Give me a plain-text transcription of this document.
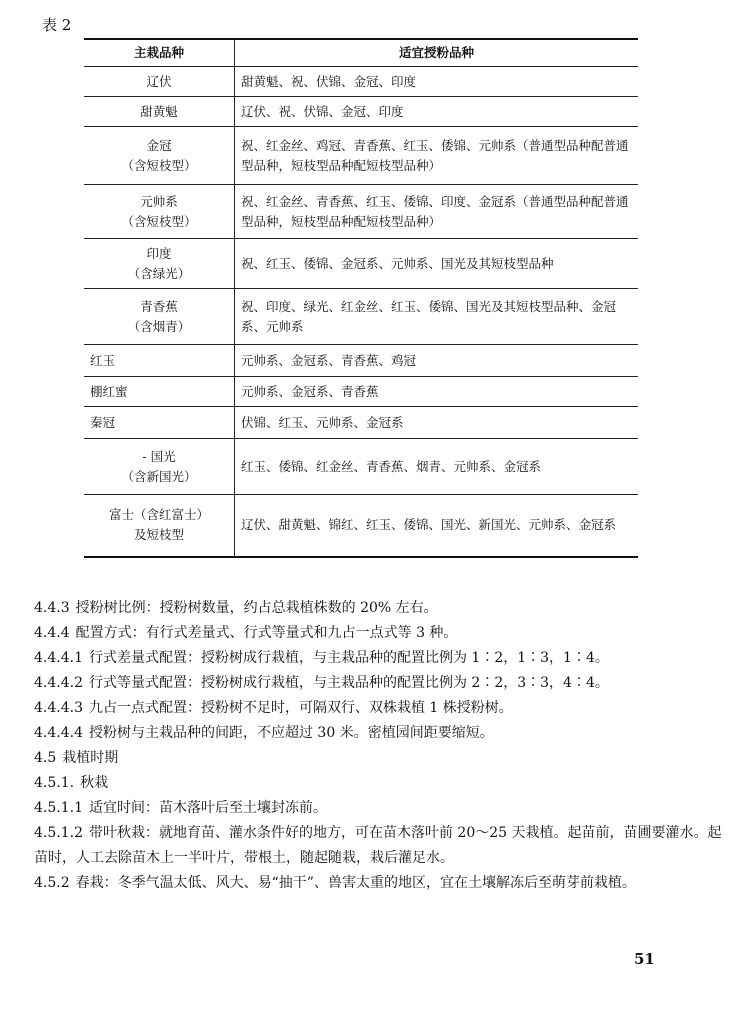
表 2
主栽品种	适宜授粉品种

辽伏	甜黄魁、祝、伏锦、金冠、印度

甜黄魁	辽伏、祝、伏锦、金冠、印度

金冠
（含短枝型）	祝、红金丝、鸡冠、青香蕉、红玉、倭锦、元帅系（普通型品种配普通型品种，短枝型品种配短枝型品种）

元帅系
（含短枝型）	祝、红金丝、青香蕉、红玉、倭锦、印度、金冠系（普通型品种配普通型品种，短枝型品种配短枝型品种）

印度
（含绿光）	祝、红玉、倭锦、金冠系、元帅系、国光及其短枝型品种

青香蕉
（含烟青）	祝、印度、绿光、红金丝、红玉、倭锦、国光及其短枝型品种、金冠系、元帅系

红玉	元帅系、金冠系、青香蕉、鸡冠

棚红蜜	元帅系、金冠系、青香蕉

秦冠	伏锦、红玉、元帅系、金冠系

- 国光
（含新国光）	红玉、倭锦、红金丝、青香蕉、烟青、元帅系、金冠系

富士（含红富士）
及短枝型	辽伏、甜黄魁、锦红、红玉、倭锦、国光、新国光、元帅系、金冠系

4.4.3 授粉树比例：授粉树数量，约占总栽植株数的 20% 左右。

4.4.4 配置方式：有行式差量式、行式等量式和九占一点式等 3 种。

4.4.4.1 行式差量式配置：授粉树成行栽植，与主栽品种的配置比例为 1∶2，1∶3，1∶4。

4.4.4.2 行式等量式配置：授粉树成行栽植，与主栽品种的配置比例为 2∶2，3∶3，4∶4。

4.4.4.3 九占一点式配置：授粉树不足时，可隔双行、双株栽植 1 株授粉树。

4.4.4.4 授粉树与主栽品种的间距，不应超过 30 米。密植园间距要缩短。

4.5 栽植时期

4.5.1. 秋栽

4.5.1.1 适宜时间：苗木落叶后至土壤封冻前。

4.5.1.2 带叶秋栽：就地育苗、灌水条件好的地方，可在苗木落叶前 20～25 天栽植。起苗前，苗圃要灌水。起苗时，人工去除苗木上一半叶片，带根土，随起随栽，栽后灌足水。

4.5.2 春栽：冬季气温太低、风大、易“抽干”、兽害太重的地区，宜在土壤解冻后至萌芽前栽植。

51
